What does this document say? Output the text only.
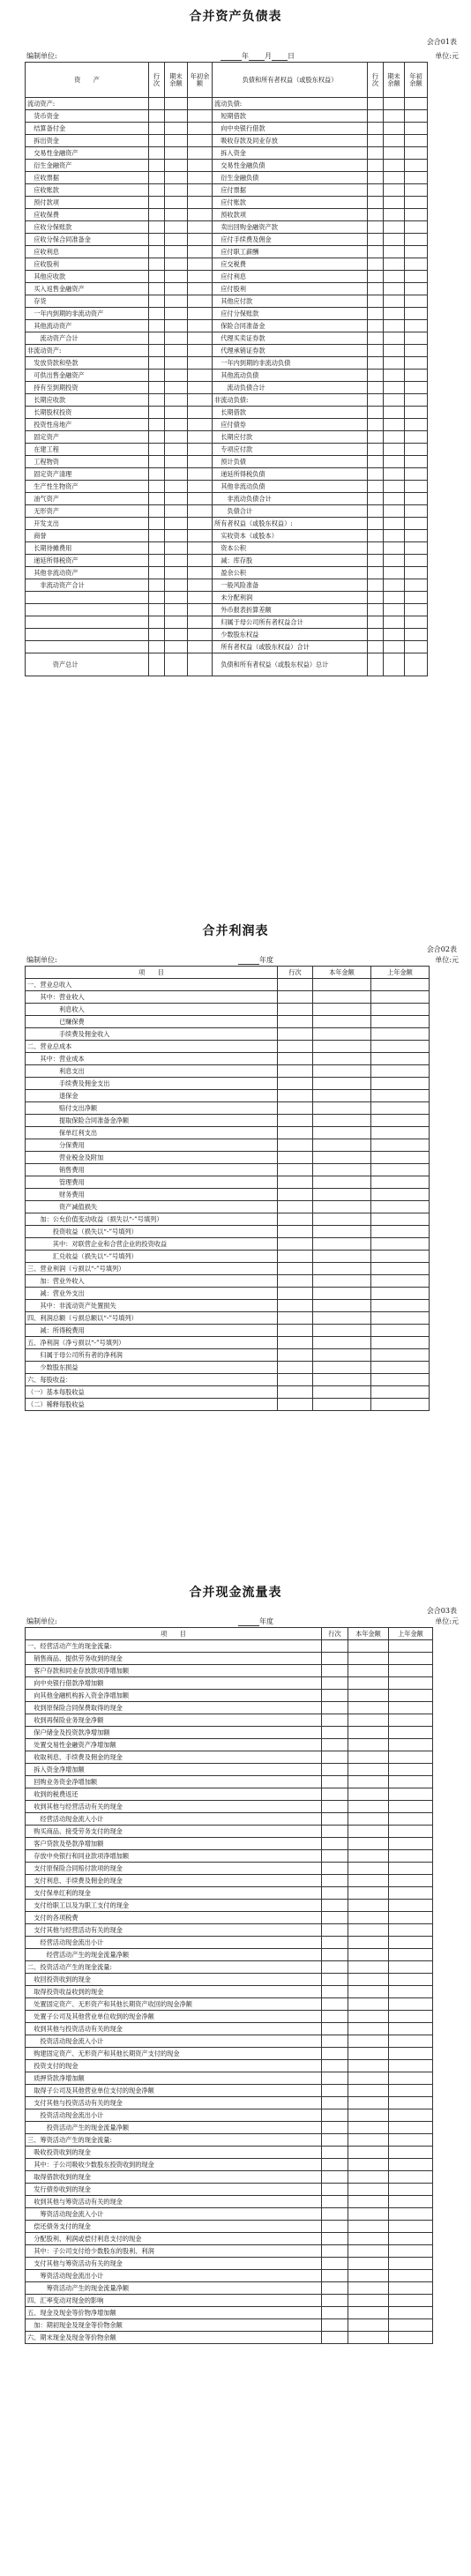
合并资产负债表
会合01表
编制单位:	年 月 日	单位:元
资　　产	行次	期末余额	年初余额	负债和所有者权益（或股东权益）	行次	期末余额	年初余额	
流动资产:				流动负债:				
　货币资金				　短期借款				
　结算备付金				　向中央银行借款				
　拆出资金				　吸收存款及同业存放				
　交易性金融资产				　拆入资金				
　衍生金融资产				　交易性金融负债				
　应收票据				　衍生金融负债				
　应收账款				　应付票据				
　预付款项				　应付账款				
　应收保费				　预收款项				
　应收分保账款				　卖出回购金融资产款				
　应收分保合同准备金				　应付手续费及佣金				
　应收利息				　应付职工薪酬				
　应收股利				　应交税费				
　其他应收款				　应付利息				
　买入返售金融资产				　应付股利				
　存货				　其他应付款				
　一年内到期的非流动资产				　应付分保账款				
　其他流动资产				　保险合同准备金				
　　流动资产合计				　代理买卖证券款				
非流动资产:				　代理承销证券款				
　发放贷款和垫款				　一年内到期的非流动负债				
　可供出售金融资产				　其他流动负债				
　持有至到期投资				　　流动负债合计				
　长期应收款				非流动负债:				
　长期股权投资				　长期借款				
　投资性房地产				　应付债券				
　固定资产				　长期应付款				
　在建工程				　专项应付款				
　工程物资				　预计负债				
　固定资产清理				　递延所得税负债				
　生产性生物资产				　其他非流动负债				
　油气资产				　　非流动负债合计				
　无形资产				　　负债合计				
　开发支出				所有者权益（或股东权益）:				
　商誉				　实收资本（或股本）				
　长期待摊费用				　资本公积				
　递延所得税资产				　减：库存股				
　其他非流动资产				　盈余公积				
　　非流动资产合计				　一般风险准备				
				　未分配利润				
				　外币报表折算差额				
				　归属于母公司所有者权益合计				
				　少数股东权益				
				　所有者权益（或股东权益）合计				
　　　　资产总计				　负债和所有者权益（或股东权益）总计				
合并利润表
会合02表
编制单位:	年度	单位:元
项　　目	行次	本年金额	上年金额	
一、营业总收入				
　　其中：营业收入				
　　　　　利息收入				
　　　　　已赚保费				
　　　　　手续费及佣金收入				
二、营业总成本				
　　其中：营业成本				
　　　　　利息支出				
　　　　　手续费及佣金支出				
　　　　　退保金				
　　　　　赔付支出净额				
　　　　　提取保险合同准备金净额				
　　　　　保单红利支出				
　　　　　分保费用				
　　　　　营业税金及附加				
　　　　　销售费用				
　　　　　管理费用				
　　　　　财务费用				
　　　　　资产减值损失				
　　加：公允价值变动收益（损失以“-”号填列）				
　　　　投资收益（损失以“-”号填列）				
　　　　其中：对联营企业和合营企业的投资收益				
　　　　汇兑收益（损失以“-”号填列）				
三、营业利润（亏损以“-”号填列）				
　　加：营业外收入				
　　减：营业外支出				
　　其中：非流动资产处置损失				
四、利润总额（亏损总额以“-”号填列）				
　　减：所得税费用				
五、净利润（净亏损以“-”号填列）				
　　归属于母公司所有者的净利润				
　　少数股东损益				
六、每股收益：				
（一）基本每股收益				
（二）稀释每股收益				
合并现金流量表
会合03表
编制单位:	年度	单位:元
项　　目	行次	本年金额	上年金额	
一、经营活动产生的现金流量:				
　销售商品、提供劳务收到的现金				
　客户存款和同业存放款项净增加额				
　向中央银行借款净增加额				
　向其他金融机构拆入资金净增加额				
　收到原保险合同保费取得的现金				
　收到再保险业务现金净额				
　保户储金及投资款净增加额				
　处置交易性金融资产净增加额				
　收取利息、手续费及佣金的现金				
　拆入资金净增加额				
　回购业务资金净增加额				
　收到的税费返还				
　收到其他与经营活动有关的现金				
　　经营活动现金流入小计				
　购买商品、接受劳务支付的现金				
　客户贷款及垫款净增加额				
　存放中央银行和同业款项净增加额				
　支付原保险合同赔付款项的现金				
　支付利息、手续费及佣金的现金				
　支付保单红利的现金				
　支付给职工以及为职工支付的现金				
　支付的各项税费				
　支付其他与经营活动有关的现金				
　　经营活动现金流出小计				
　　　经营活动产生的现金流量净额				
二、投资活动产生的现金流量:				
　收回投资收到的现金				
　取得投资收益收到的现金				
　处置固定资产、无形资产和其他长期资产收回的现金净额				
　处置子公司及其他营业单位收到的现金净额				
　收到其他与投资活动有关的现金				
　　投资活动现金流入小计				
　购建固定资产、无形资产和其他长期资产支付的现金				
　投资支付的现金				
　质押贷款净增加额				
　取得子公司及其他营业单位支付的现金净额				
　支付其他与投资活动有关的现金				
　　投资活动现金流出小计				
　　　投资活动产生的现金流量净额				
三、筹资活动产生的现金流量:				
　吸收投资收到的现金				
　其中：子公司吸收少数股东投资收到的现金				
　取得借款收到的现金				
　发行债券收到的现金				
　收到其他与筹资活动有关的现金				
　　筹资活动现金流入小计				
　偿还债务支付的现金				
　分配股利、利润或偿付利息支付的现金				
　其中：子公司支付给少数股东的股利、利润				
　支付其他与筹资活动有关的现金				
　　筹资活动现金流出小计				
　　　筹资活动产生的现金流量净额				
四、汇率变动对现金的影响				
五、现金及现金等价物净增加额				
　加：期初现金及现金等价物余额				
六、期末现金及现金等价物余额				
